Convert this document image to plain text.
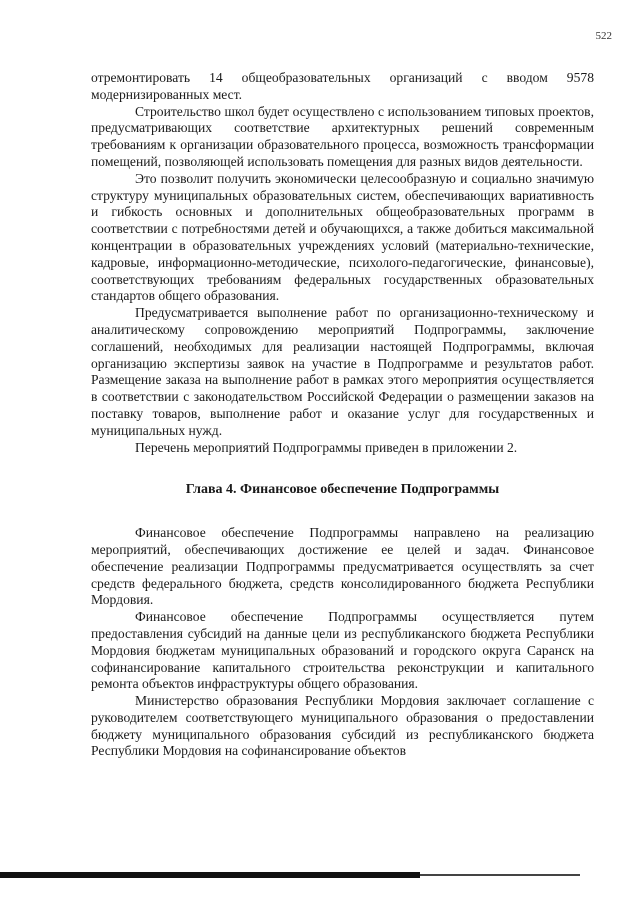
522

отремонтировать 14 общеобразовательных организаций с вводом 9578 модернизированных мест.

Строительство школ будет осуществлено с использованием типовых проектов, предусматривающих соответствие архитектурных решений современным требованиям к организации образовательного процесса, возможность трансформации помещений, позволяющей использовать помещения для разных видов деятельности.

Это позволит получить экономически целесообразную и социально значимую структуру муниципальных образовательных систем, обеспечивающих вариативность и гибкость основных и дополнительных общеобразовательных программ в соответствии с потребностями детей и обучающихся, а также добиться максимальной концентрации в образовательных учреждениях условий (материально-технические, кадровые, информационно-методические, психолого-педагогические, финансовые), соответствующих требованиям федеральных государственных образовательных стандартов общего образования.

Предусматривается выполнение работ по организационно-техническому и аналитическому сопровождению мероприятий Подпрограммы, заключение соглашений, необходимых для реализации настоящей Подпрограммы, включая организацию экспертизы заявок на участие в Подпрограмме и результатов работ. Размещение заказа на выполнение работ в рамках этого мероприятия осуществляется в соответствии с законодательством Российской Федерации о размещении заказов на поставку товаров, выполнение работ и оказание услуг для государственных и муниципальных нужд.

Перечень мероприятий Подпрограммы приведен в приложении 2.

Глава 4. Финансовое обеспечение Подпрограммы

Финансовое обеспечение Подпрограммы направлено на реализацию мероприятий, обеспечивающих достижение ее целей и задач. Финансовое обеспечение реализации Подпрограммы предусматривается осуществлять за счет средств федерального бюджета, средств консолидированного бюджета Республики Мордовия.

Финансовое обеспечение Подпрограммы осуществляется путем предоставления субсидий на данные цели из республиканского бюджета Республики Мордовия бюджетам муниципальных образований и городского округа Саранск на софинансирование капитального строительства реконструкции и капитального ремонта объектов инфраструктуры общего образования.

Министерство образования Республики Мордовия заключает соглашение с руководителем соответствующего муниципального образования о предоставлении бюджету муниципального образования субсидий из республиканского бюджета Республики Мордовия на софинансирование объектов
